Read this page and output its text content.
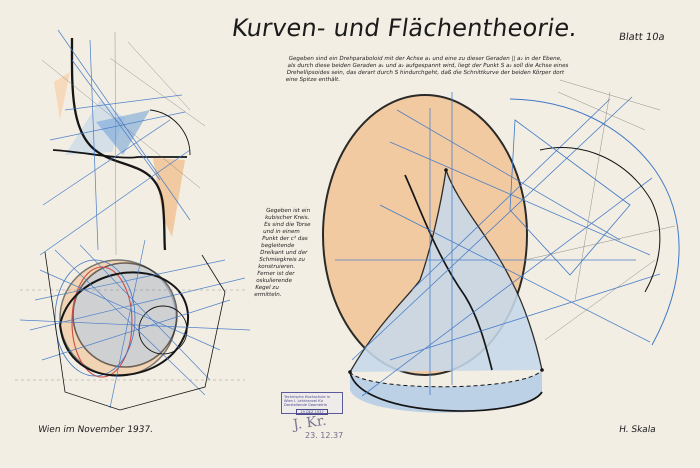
Kurven- und Flächentheorie.	Blatt 10a
Gegeben sind ein Drehparaboloid mit der Achse a₁ und eine zu dieser Geraden || a₂ in der Ebene, als durch diese beiden Geraden a₁ und a₂ aufgespannt wird, liegt der Punkt S a₂ soll die Achse eines Drehellipsoides sein, das derart durch S hindurchgeht, daß die Schnittkurve der beiden Körper dort eine Spitze enthält.
Gegeben ist ein kubischer Kreis. Es sind die Torse und in einem Punkt der c² das begleitende Dreikant und der Schmiegkreis zu konstruieren. Ferner ist der oskulierende Kegel zu ermitteln.
Wien im November 1937.	H. Skala
Technische Hochschule in Wien I. Lehrkanzel für Darstellende Geometrie
19 DEZ 1937
J. Kr.
23. 12.37
